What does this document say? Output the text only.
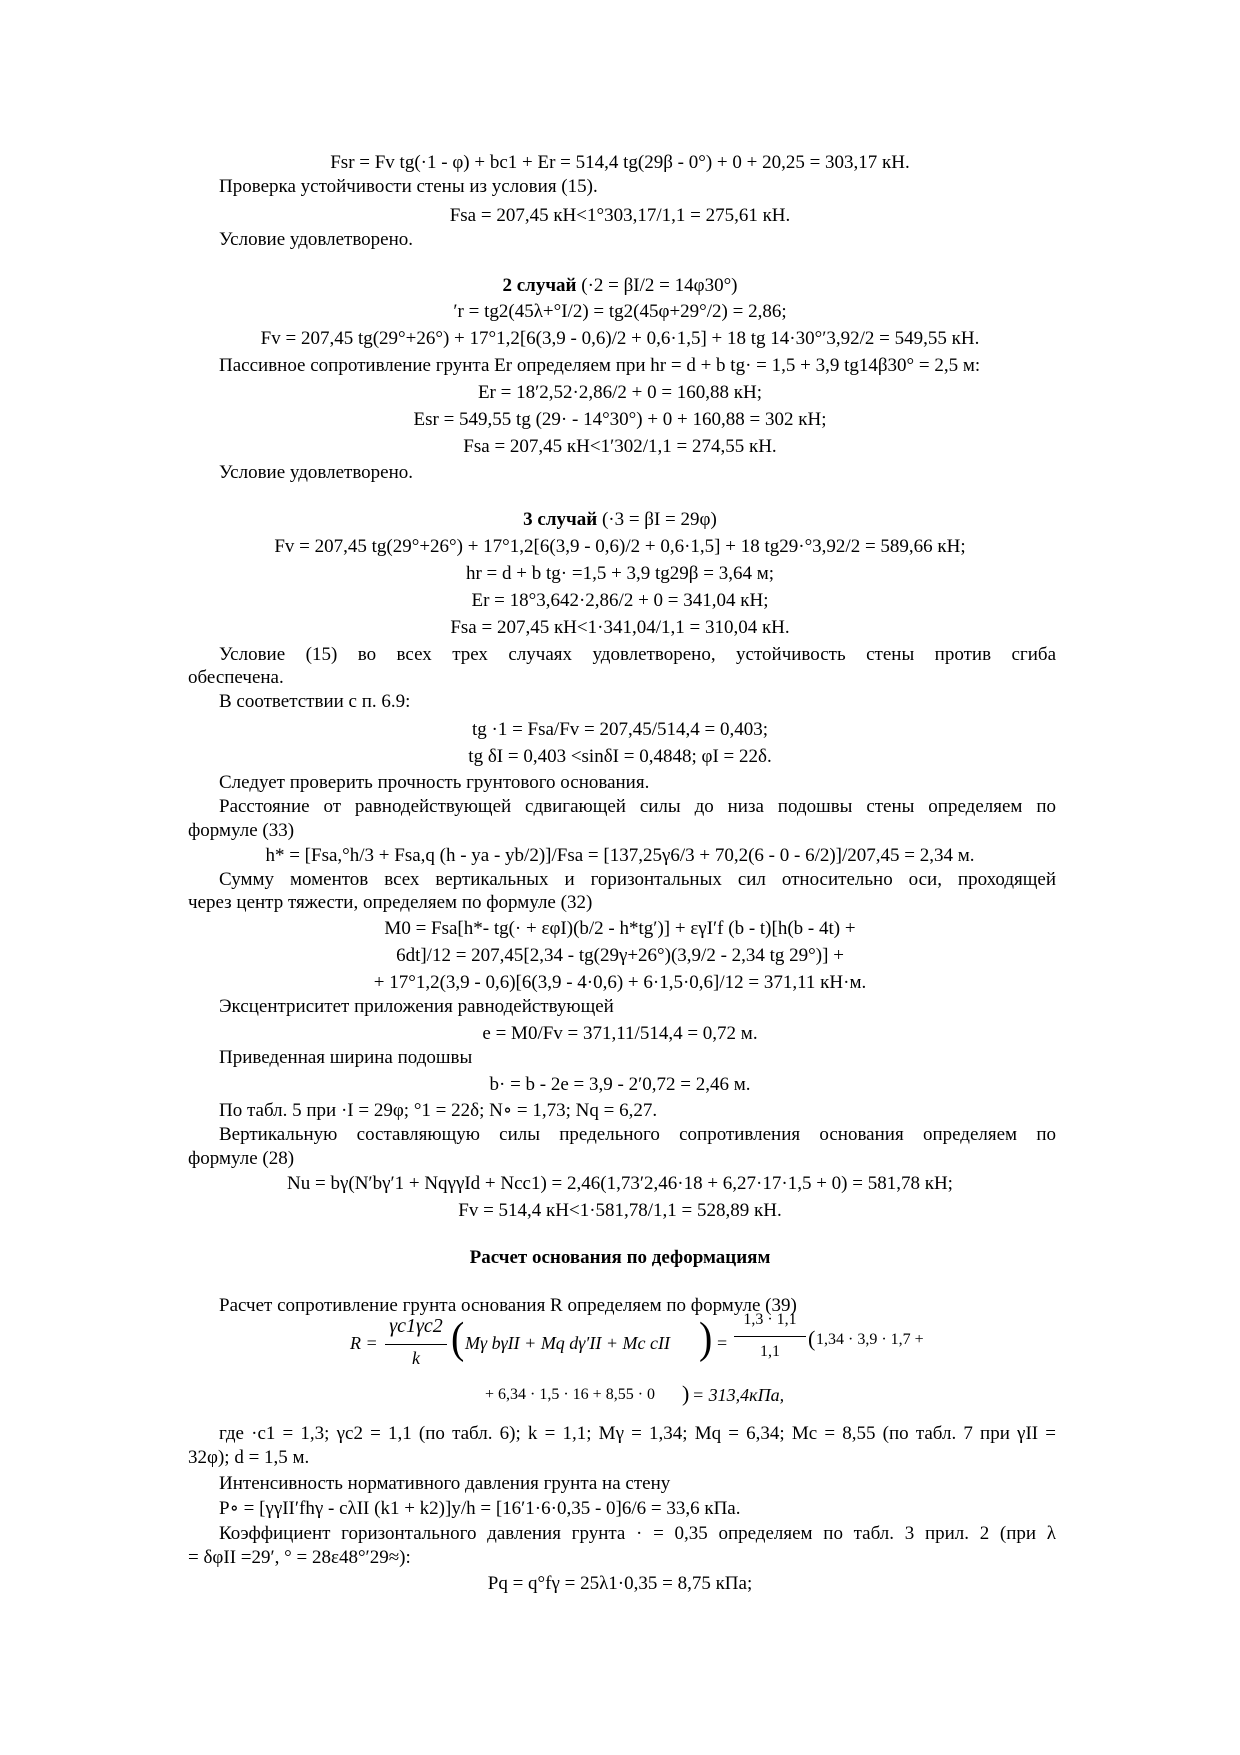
Fsr = Fv tg(·1 - φ) + bc1 + Er = 514,4 tg(29β - 0°) + 0 + 20,25 = 303,17 кН.
Проверка устойчивости стены из условия (15).
Fsa = 207,45 кН<1°303,17/1,1 = 275,61 кН.
Условие удовлетворено.
2 случай (·2 = βI/2 = 14φ30°)
′r = tg2(45λ+°I/2) = tg2(45φ+29°/2) = 2,86;
Fv = 207,45 tg(29°+26°) + 17°1,2[6(3,9 - 0,6)/2 + 0,6·1,5] + 18 tg 14·30°′3,92/2 = 549,55 кН.
Пассивное сопротивление грунта Er определяем при hr = d + b tg· = 1,5 + 3,9 tg14β30° = 2,5 м:
Er = 18′2,52·2,86/2 + 0 = 160,88 кН;
Esr = 549,55 tg (29· - 14°30°) + 0 + 160,88 = 302 кН;
Fsa = 207,45 кН<1′302/1,1 = 274,55 кН.
Условие удовлетворено.
3 случай (·3 = βI = 29φ)
Fv = 207,45 tg(29°+26°) + 17°1,2[6(3,9 - 0,6)/2 + 0,6·1,5] + 18 tg29·°3,92/2 = 589,66 кН;
hr = d + b tg· =1,5 + 3,9 tg29β = 3,64 м;
Er = 18°3,642·2,86/2 + 0 = 341,04 кН;
Fsa = 207,45 кН<1·341,04/1,1 = 310,04 кН.
Условие (15) во всех трех случаях удовлетворено, устойчивость стены против сгиба
обеспечена.
В соответствии с п. 6.9:
tg ·1 = Fsa/Fv = 207,45/514,4 = 0,403;
tg δI = 0,403 <sinδI = 0,4848; φI = 22δ.
Следует проверить прочность грунтового основания.
Расстояние от равнодействующей сдвигающей силы до низа подошвы стены определяем по
формуле (33)
h* = [Fsa,°h/3 + Fsa,q (h - ya - yb/2)]/Fsa = [137,25γ6/3 + 70,2(6 - 0 - 6/2)]/207,45 = 2,34 м.
Сумму моментов всех вертикальных и горизонтальных сил относительно оси, проходящей
через центр тяжести, определяем по формуле (32)
M0 = Fsa[h*- tg(· + εφI)(b/2 - h*tg′)] + εγI′f (b - t)[h(b - 4t) +
6dt]/12 = 207,45[2,34 - tg(29γ+26°)(3,9/2 - 2,34 tg 29°)] +
+ 17°1,2(3,9 - 0,6)[6(3,9 - 4·0,6) + 6·1,5·0,6]/12 = 371,11 кН·м.
Эксцентриситет приложения равнодействующей
e = M0/Fv = 371,11/514,4 = 0,72 м.
Приведенная ширина подошвы
b· = b - 2e = 3,9 - 2′0,72 = 2,46 м.
По табл. 5 при ·I = 29φ; °1 = 22δ; N∘ = 1,73; Nq = 6,27.
Вертикальную составляющую силы предельного сопротивления основания определяем по
формуле (28)
Nu = bγ(N′bγ′1 + NqγγId + Ncc1) = 2,46(1,73′2,46·18 + 6,27·17·1,5 + 0) = 581,78 кН;
Fv = 514,4 кН<1·581,78/1,1 = 528,89 кН.
Расчет основания по деформациям
Расчет сопротивление грунта основания R определяем по формуле (39)
R =
γc1γc2
k ( Mγ bγII + Mq dγ′II + Mc cII ) =
1,3 · 1,1
1,1
( 1,34 · 3,9 · 1,7 +
+ 6,34 · 1,5 · 16 + 8,55 · 0 ) = 313,4кПа,
где ·c1 = 1,3; γc2 = 1,1 (по табл. 6); k = 1,1; Mγ = 1,34; Mq = 6,34; Mc = 8,55 (по табл. 7 при γII =
32φ); d = 1,5 м.
Интенсивность нормативного давления грунта на стену
P∘ = [γγII′fhγ - cλII (k1 + k2)]y/h = [16′1·6·0,35 - 0]6/6 = 33,6 кПа.
Коэффициент горизонтального давления грунта · = 0,35 определяем по табл. 3 прил. 2 (при λ
= δφII =29′, ° = 28ε48°′29≈):
Pq = q°fγ = 25λ1·0,35 = 8,75 кПа;
